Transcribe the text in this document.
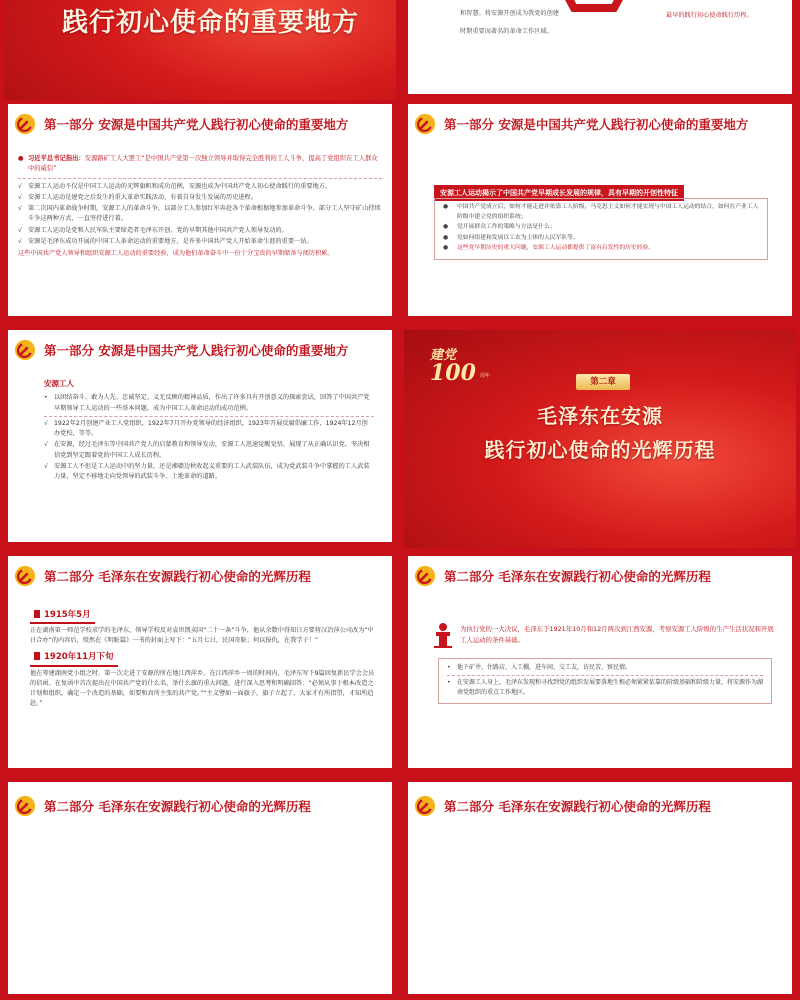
践行初心使命的重要地方	和智慧。将安源开创成为我党的创建
时期重要而著名的革命工作区域。
最早的践行初心使命践行历程。
第一部分 安源是中国共产党人践行初心使命的重要地方
● 习近平总书记指出：安源路矿工人大罢工“是中国共产党第一次独立领导并取得完全胜利的工人斗争，提高了党组织在工人群众中的威信”
√ 安源工人运动不仅是中国工人运动的光辉旗帜和成功范例，安源也成为中国共产党人初心使命践行的重要地方。
√ 安源工人运动是建党之后发生的重大革命实践活动，有着自身发生发展的历史进程。
√ 第二次国内革命战争时期，安源工人的革命斗争，以部分工人参加红军奔赴各个革命根据地参加革命斗争、部分工人坚守矿山持续斗争这两种方式，一直坚持进行着。
√ 安源工人运动是党和人民军队主要缔造者毛泽东开创、党的早期其他中国共产党人领导发动的。
√ 安源是毛泽东成功开展的中国工人革命运动的重要地方，是许多中国共产党人开始革命生涯的重要一站。
这些中国共产党人领导和组织安源工人运动的重要经验，成为他们革命奋斗中一份十分宝贵的早期储备与阅历积累。
第一部分 安源是中国共产党人践行初心使命的重要地方
安源工人运动揭示了中国共产党早期成长发展的规律，具有早期的开创性特征
●	中国共产党成立后，如何才能走进并依靠工人阶级，马克思主义如何才能实现与中国工人运动的结合，如何在产业工人阶级中建立党的组织系统；
●	党开展群众工作的策略与方法是什么；
●	党如何组建和发展以工农为主体的人民军队等，
●	这些党早期历史的重大问题，安源工人运动都提供了富有启发性的历史经验。
第一部分 安源是中国共产党人践行初心使命的重要地方
安源工人
•	以团结奋斗、敢为人先、忠诚坚定、义无反顾的精神品质，作出了许多具有开创意义的探索尝试，回答了中国共产党早期领导工人运动的一些基本问题，成为中国工人革命运动的成功范例。
√ 1922年2月创建产业工人党组织，1922年7月开办党领导的经济组织，1923年开展反腐倡廉工作，1924年12月创办党校，等等。
√ 在安源，经过毛泽东等中国共产党人的启蒙教育和领导发动，安源工人迅速觉醒觉悟，展现了从正确认识党、坚决相信党到坚定跟着党的中国工人成长历程。
√ 安源工人不但是工人运动中的坚力量，还是湘赣边秋收起义重要的工人武装队伍，成为党武装斗争中掌握的工人武装力量，坚定不移地走向党领导的武装斗争、土地革命的道路。
建党
100 周年
第二章
毛泽东在安源
践行初心使命的光辉历程
第二部分 毛泽东在安源践行初心使命的光辉历程
1915年5月
正在湖南第一师范学校求学的毛泽东，领导学校反对袁世凯卖国“二十一条”斗争，他从余数中得知日方要将汉冶萍公司改为“中日合办”的内容后，愤然在《明耻篇》一书的封面上写下：“五月七日，民国奇耻；何以报仇，在我学子！”
1920年11月下旬
他在筹建湖南党小组之时，第一次走进了安源的所在地江西萍乡。在江西萍乡一周的时间内，毛泽东写下9篇回复新民学会会员的信函。在复函中首次提出在中国共产党的什么名，举什么旗的重大问题，进行深入思考和明确回答：“必须从事于根本改造之计划和组织，确定一个改造的基础，如要和真所主张的共产党。”“主义譬如一面旗子，旗子立起了，大家才有所指望，才知所趋赴。”
第二部分 毛泽东在安源践行初心使命的光辉历程
为执行党的一大决议，毛泽东于1921年10月和12月两次到江西安源，考察安源工人阶级的生产生活状况和开展工人运动的条件基础。
•	他下矿井，住路店，入工棚，进车间，交工友，访民苦，察民情。
•	在安源工人身上，毛泽东发现和寻找到党的组织发展要落地生根必须紧紧依靠的阶级基础和阶级力量，将安源作为湖南党组织的重点工作地区。
第二部分 毛泽东在安源践行初心使命的光辉历程	第二部分 毛泽东在安源践行初心使命的光辉历程
